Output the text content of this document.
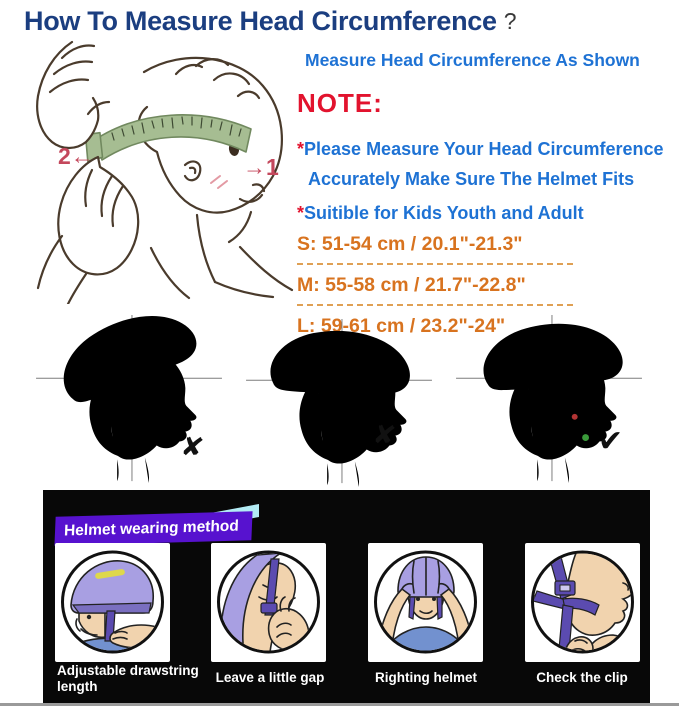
How To Measure Head Circumference ?
2←	→1

Measure Head Circumference As Shown

NOTE:

*Please Measure Your Head Circumference
Accurately Make Sure The Helmet Fits
*Suitible for Kids Youth and Adult
S: 51-54 cm / 20.1"-21.3"
M: 55-58 cm / 21.7"-22.8"
L: 59-61 cm / 23.2"-24"
✘	✘	✔
Helmet wearing method
Adjustable drawstring length
Leave a little gap	Righting helmet	Check the clip
